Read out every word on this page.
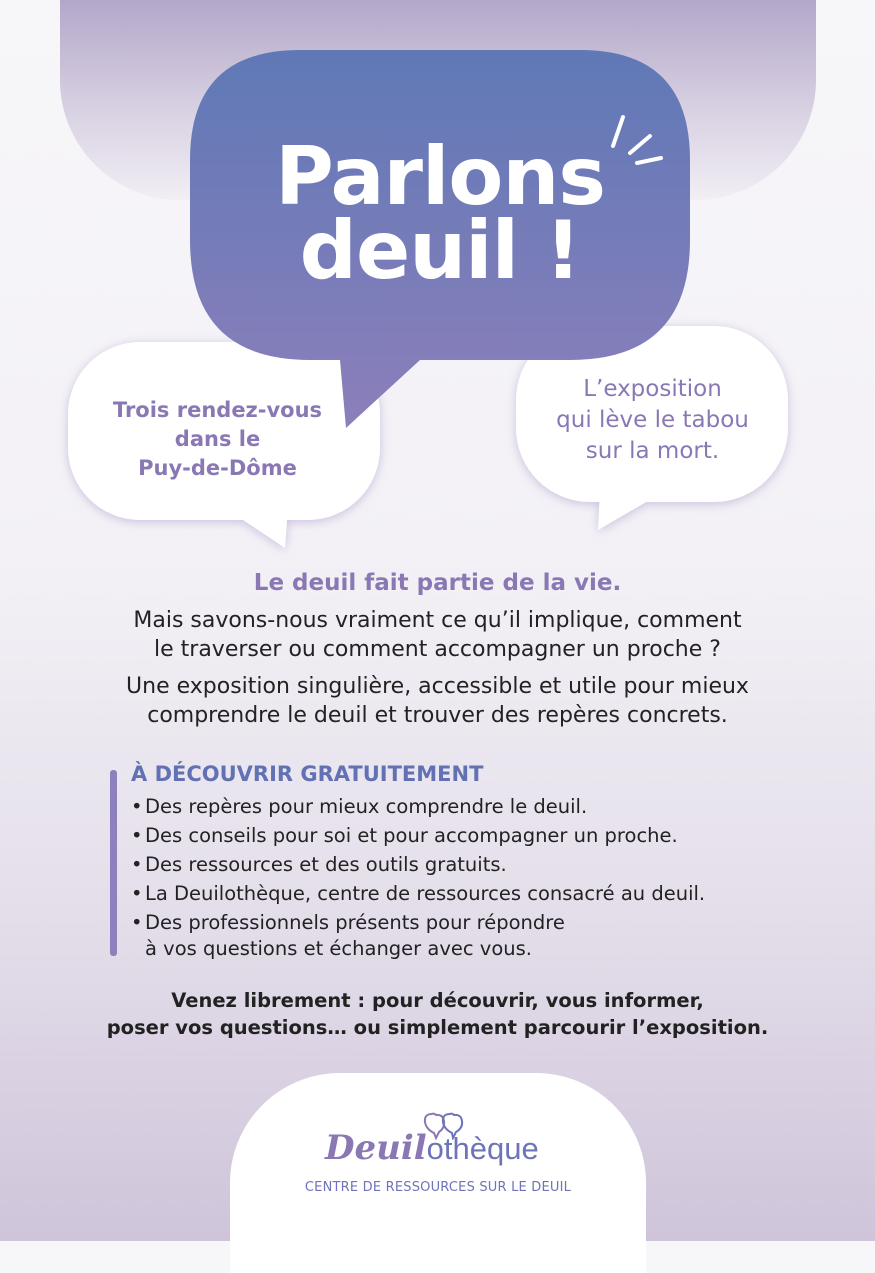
Parlons
deuil !
Trois rendez-vous
dans le
Puy-de-Dôme
L’exposition
qui lève le tabou
sur la mort.
Le deuil fait partie de la vie.
Mais savons-nous vraiment ce qu’il implique, comment
le traverser ou comment accompagner un proche ?
Une exposition singulière, accessible et utile pour mieux
comprendre le deuil et trouver des repères concrets.
À DÉCOUVRIR GRATUITEMENT
• Des repères pour mieux comprendre le deuil.
• Des conseils pour soi et pour accompagner un proche.
• Des ressources et des outils gratuits.
• La Deuilothèque, centre de ressources consacré au deuil.
• Des professionnels présents pour répondre
à vos questions et échanger avec vous.
Venez librement : pour découvrir, vous informer,
poser vos questions… ou simplement parcourir l’exposition.
Deuilothèque
CENTRE DE RESSOURCES SUR LE DEUIL
